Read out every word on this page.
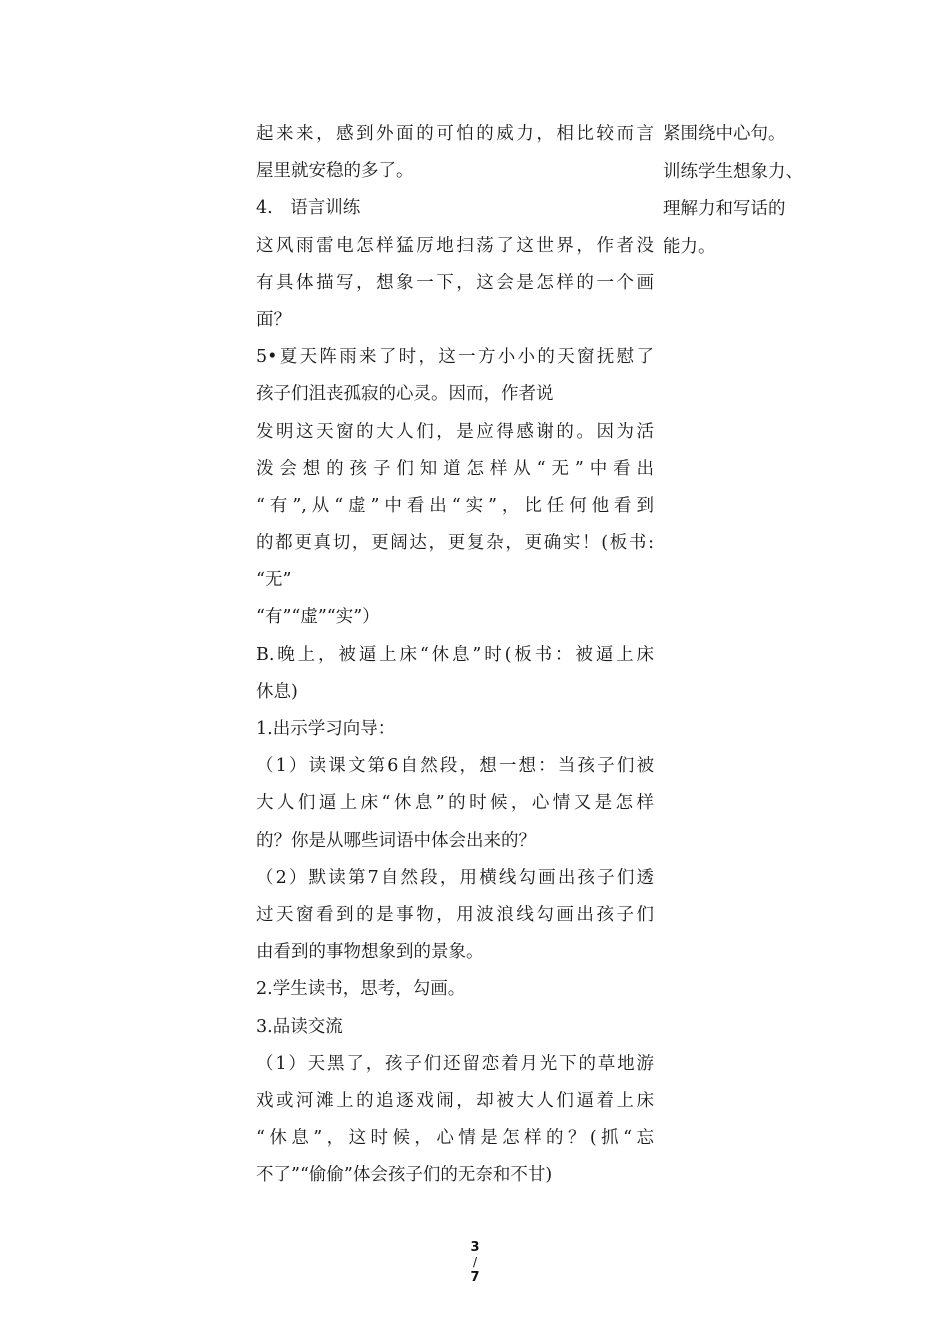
起来来，感到外面的可怕的威力，相比较而言
屋里就安稳的多了。
4.　语言训练
这风雨雷电怎样猛厉地扫荡了这世界，作者没
有具体描写，想象一下，这会是怎样的一个画
面？
5•夏天阵雨来了时，这一方小小的天窗抚慰了
孩子们沮丧孤寂的心灵。因而，作者说
发明这天窗的大人们，是应得感谢的。因为活
泼会想的孩子们知道怎样从“无”中看出
“有”,从“虚”中看出“实”，比任何他看到
的都更真切，更阔达，更复杂，更确实！(板书:
“无”
“有”“虚”“实”）
B.晚上，被逼上床“休息”时(板书：被逼上床
休息)
1.出示学习向导：
（1）读课文第6自然段，想一想：当孩子们被
大人们逼上床“休息”的时候，心情又是怎样
的？你是从哪些词语中体会出来的？
（2）默读第7自然段，用横线勾画出孩子们透
过天窗看到的是事物，用波浪线勾画出孩子们
由看到的事物想象到的景象。
2.学生读书，思考，勾画。
3.品读交流
（1）天黑了，孩子们还留恋着月光下的草地游
戏或河滩上的追逐戏闹，却被大人们逼着上床
“休息”，这时候，心情是怎样的？(抓“忘
不了”“偷偷”体会孩子们的无奈和不甘)
紧围绕中心句。
训练学生想象力、
理解力和写话的
能力。
3
/
7
